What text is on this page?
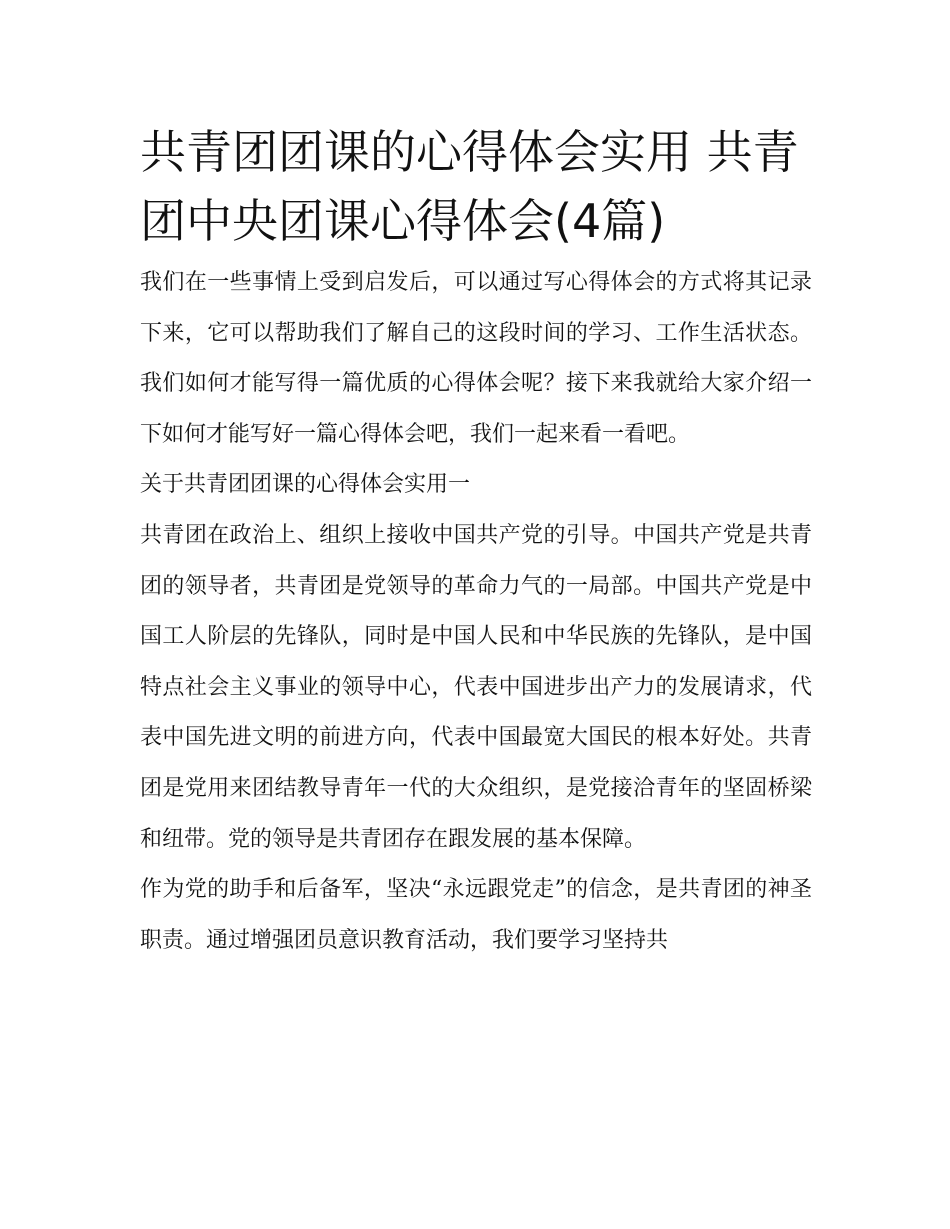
共青团团课的心得体会实用 共青团中央团课心得体会(4篇)

我们在一些事情上受到启发后，可以通过写心得体会的方式将其记录下来，它可以帮助我们了解自己的这段时间的学习、工作生活状态。我们如何才能写得一篇优质的心得体会呢？接下来我就给大家介绍一下如何才能写好一篇心得体会吧，我们一起来看一看吧。

关于共青团团课的心得体会实用一

共青团在政治上、组织上接收中国共产党的引导。中国共产党是共青团的领导者，共青团是党领导的革命力气的一局部。中国共产党是中国工人阶层的先锋队，同时是中国人民和中华民族的先锋队，是中国特点社会主义事业的领导中心，代表中国进步出产力的发展请求，代表中国先进文明的前进方向，代表中国最宽大国民的根本好处。共青团是党用来团结教导青年一代的大众组织，是党接洽青年的坚固桥梁和纽带。党的领导是共青团存在跟发展的基本保障。

作为党的助手和后备军，坚决“永远跟党走”的信念，是共青团的神圣职责。通过增强团员意识教育活动，我们要学习坚持共
